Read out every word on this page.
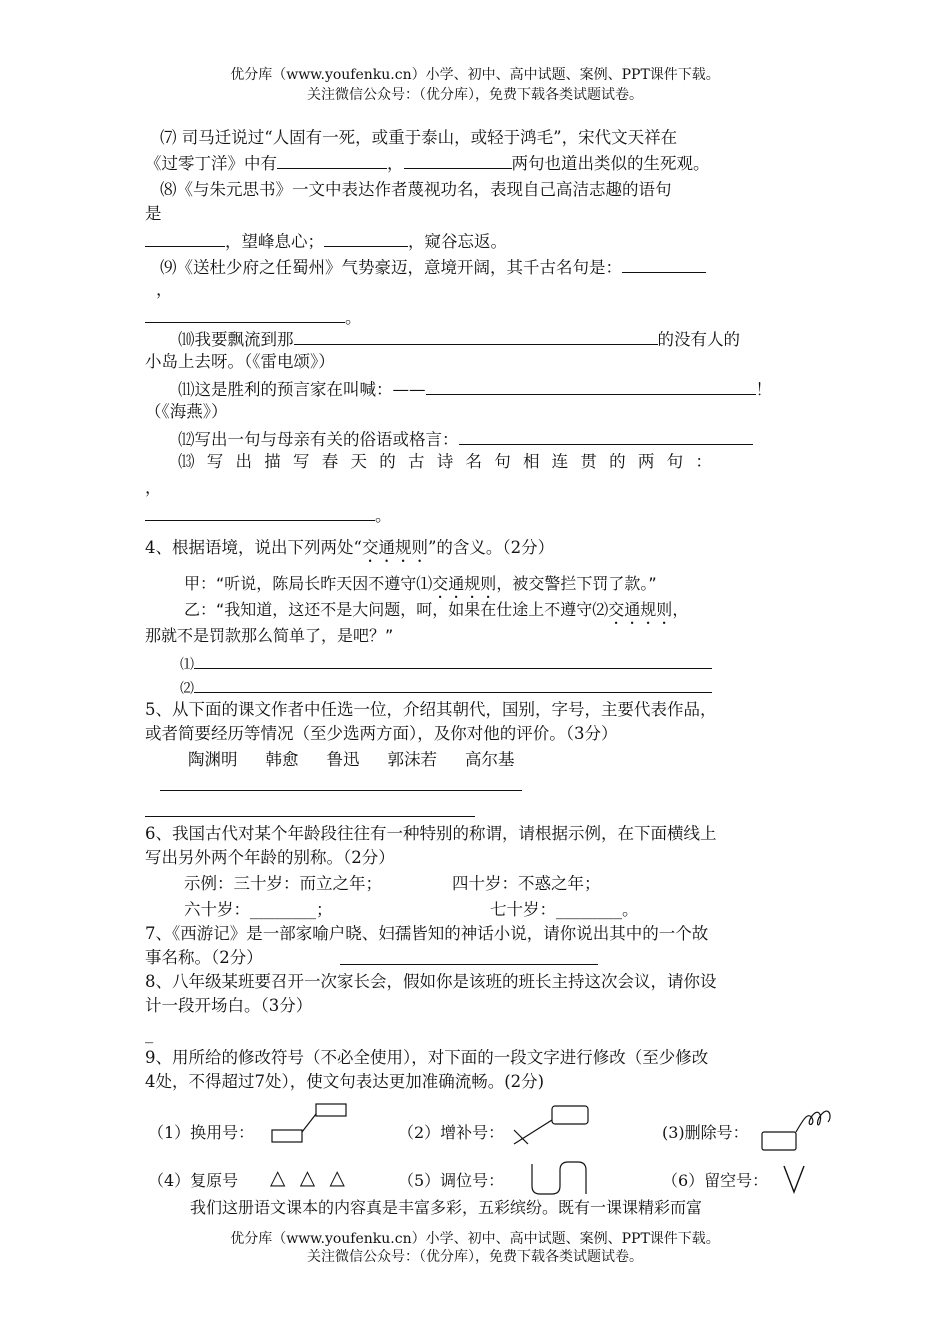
优分库（www.youfenku.cn）小学、初中、高中试题、案例、PPT课件下载。
关注微信公众号：（优分库），免费下载各类试题试卷。
⑺ 司马迁说过“人固有一死，或重于泰山，或轻于鸿毛”，宋代文天祥在
《过零丁洋》中有	，	两句也道出类似的生死观。
⑻《与朱元思书》一文中表达作者蔑视功名，表现自己高洁志趣的语句
是
，望峰息心；	，窥谷忘返。
⑼《送杜少府之任蜀州》气势豪迈，意境开阔，其千古名句是：
，
。
⑽我要飘流到那	的没有人的
小岛上去呀。（《雷电颂》）
⑾这是胜利的预言家在叫喊：——	！
（《海燕》）
⑿写出一句与母亲有关的俗语或格言：
⒀ 写 出 描 写 春 天 的 古 诗 名 句 相 连 贯 的 两 句 ：
，
。
4、根据语境，说出下列两处“交通规则”的含义。（2分）
甲：“听说，陈局长昨天因不遵守⑴交通规则，被交警拦下罚了款。”
乙：“我知道，这还不是大问题，呵，如果在仕途上不遵守⑵交通规则，
那就不是罚款那么简单了，是吧？”
⑴
⑵
5、从下面的课文作者中任选一位，介绍其朝代，国别，字号，主要代表作品，
或者简要经历等情况（至少选两方面），及你对他的评价。（3分）
陶渊明 韩愈 鲁迅 郭沫若 高尔基
6、我国古代对某个年龄段往往有一种特别的称谓，请根据示例，在下面横线上
写出另外两个年龄的别称。（2分）
示例：三十岁：而立之年；	四十岁：不惑之年；
六十岁：________；	七十岁：________。
7、《西游记》是一部家喻户晓、妇孺皆知的神话小说，请你说出其中的一个故
事名称。（2分）
8、八年级某班要召开一次家长会，假如你是该班的班长主持这次会议，请你设
计一段开场白。（3分）
_
9、用所给的修改符号（不必全使用），对下面的一段文字进行修改（至少修改
4处，不得超过7处），使文句表达更加准确流畅。(2分)
（1）换用号：	（2）增补号：	(3)删除号：
（4）复原号 △ △ △	（5）调位号：	（6）留空号：
我们这册语文课本的内容真是丰富多彩，五彩缤纷。既有一课课精彩而富
优分库（www.youfenku.cn）小学、初中、高中试题、案例、PPT课件下载。
关注微信公众号：（优分库），免费下载各类试题试卷。
